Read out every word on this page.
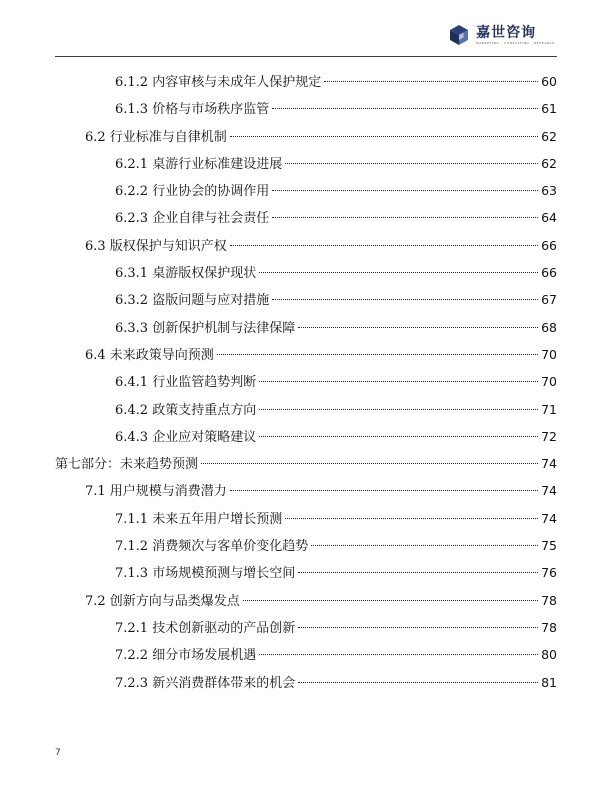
嘉世咨询
MARKETING · CONSULTING · RESEARCH
6.1.2 内容审核与未成年人保护规定	60
6.1.3 价格与市场秩序监管	61
6.2 行业标准与自律机制	62
6.2.1 桌游行业标准建设进展	62
6.2.2 行业协会的协调作用	63
6.2.3 企业自律与社会责任	64
6.3 版权保护与知识产权	66
6.3.1 桌游版权保护现状	66
6.3.2 盗版问题与应对措施	67
6.3.3 创新保护机制与法律保障	68
6.4 未来政策导向预测	70
6.4.1 行业监管趋势判断	70
6.4.2 政策支持重点方向	71
6.4.3 企业应对策略建议	72
第七部分：未来趋势预测	74
7.1 用户规模与消费潜力	74
7.1.1 未来五年用户增长预测	74
7.1.2 消费频次与客单价变化趋势	75
7.1.3 市场规模预测与增长空间	76
7.2 创新方向与品类爆发点	78
7.2.1 技术创新驱动的产品创新	78
7.2.2 细分市场发展机遇	80
7.2.3 新兴消费群体带来的机会	81
7
